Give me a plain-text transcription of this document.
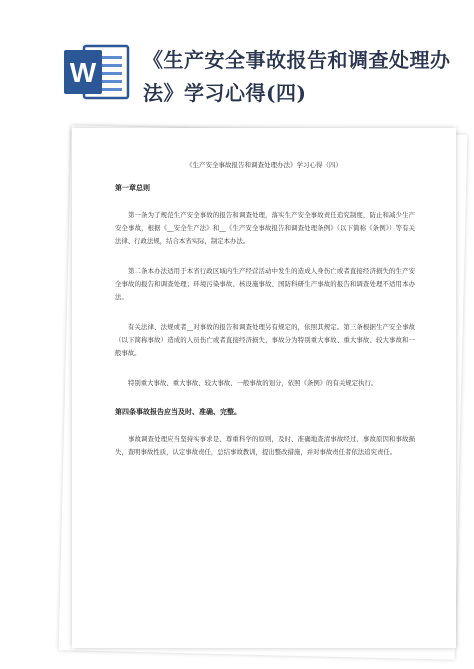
W 《生产安全事故报告和调查处理办法》学习心得(四)
《生产安全事故报告和调查处理办法》学习心得（四）
第一章总则
第一条为了规范生产安全事故的报告和调查处理，落实生产安全事故责任追究制度，防止和减少生产安全事故，根据《__安全生产法》和__《生产安全事故报告和调查处理条例》（以下简称《条例》）等有关法律、行政法规，结合本省实际，制定本办法。
第二条本办法适用于本省行政区域内生产经营活动中发生的造成人身伤亡或者直接经济损失的生产安全事故的报告和调查处理；环境污染事故、核设施事故、国防科研生产事故的报告和调查处理不适用本办法。
有关法律、法规或者__对事故的报告和调查处理另有规定的，依照其规定。第三条根据生产安全事故（以下简称事故）造成的人员伤亡或者直接经济损失，事故分为特别重大事故、重大事故、较大事故和一般事故。
特别重大事故、重大事故、较大事故、一般事故的划分，依照《条例》的有关规定执行。
第四条事故报告应当及时、准确、完整。
事故调查处理应当坚持实事求是、尊重科学的原则，及时、准确地查清事故经过、事故原因和事故损失，查明事故性质，认定事故责任，总结事故教训，提出整改措施，并对事故责任者依法追究责任。
